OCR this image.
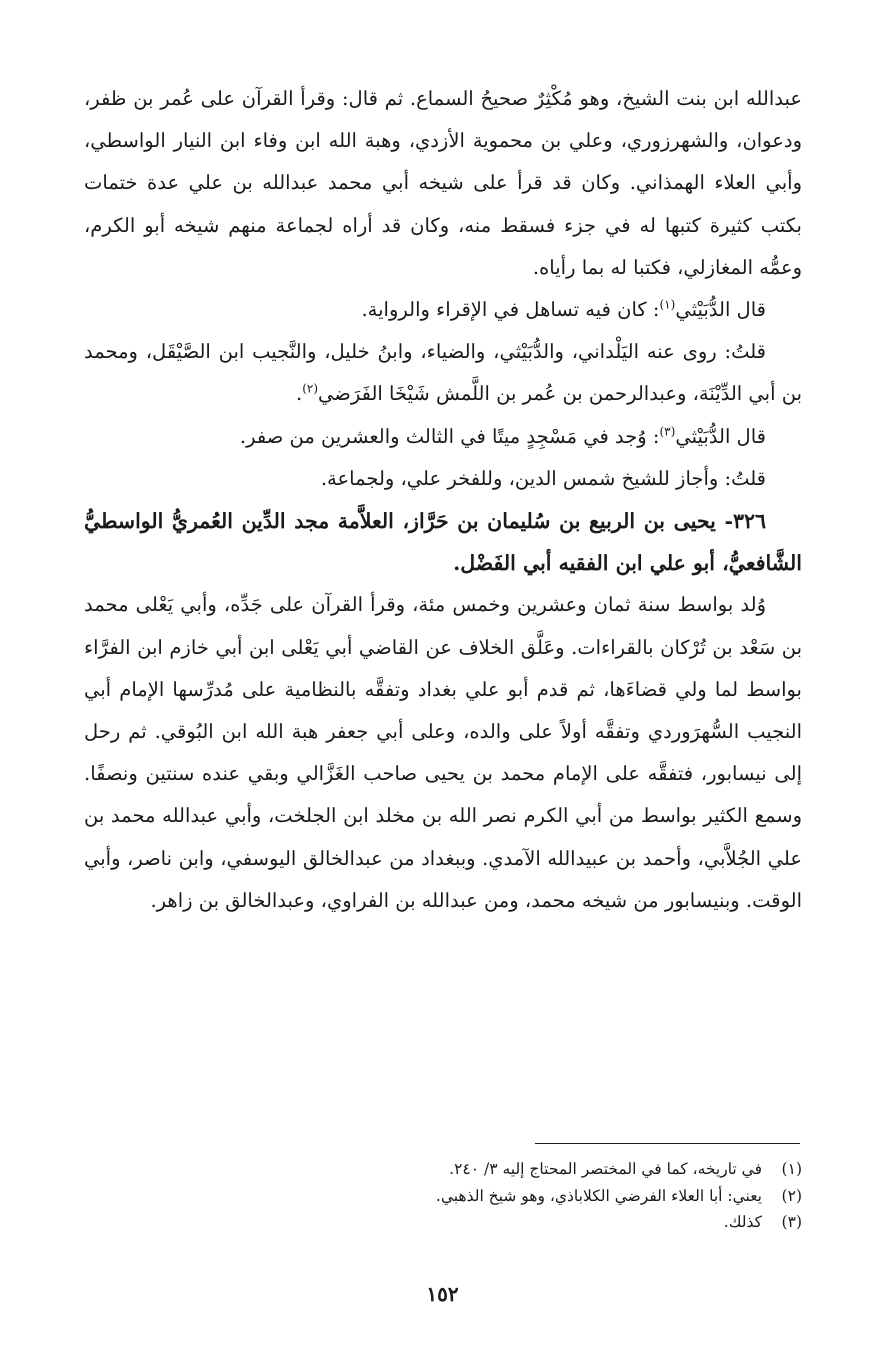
عبدالله ابن بنت الشيخ، وهو مُكْثِرٌ صحيحُ السماع. ثم قال: وقرأ القرآن على عُمر بن ظفر، ودعوان، والشهرزوري، وعلي بن محموية الأزدي، وهبة الله ابن وفاء ابن النيار الواسطي، وأبي العلاء الهمذاني. وكان قد قرأ على شيخه أبي محمد عبدالله بن علي عدة ختمات بكتب كثيرة كتبها له في جزء فسقط منه، وكان قد أراه لجماعة منهم شيخه أبو الكرم، وعمُّه المغازلي، فكتبا له بما رأياه.

قال الدُّبَيْثي$^{(١)}$: كان فيه تساهل في الإقراء والرواية.

قلتُ: روى عنه اليَلْداني، والدُّبَيْثي، والضياء، وابنُ خليل، والنَّجيب ابن الصَّيْقَل، ومحمد بن أبي الدِّيْنَة، وعبدالرحمن بن عُمر بن اللَّمش شَيْخَا الفَرَضي$^{(٢)}$.

قال الدُّبَيْثي$^{(٣)}$: وُجد في مَسْجِدٍ ميتًا في الثالث والعشرين من صفر.

قلتُ: وأجاز للشيخ شمس الدين، وللفخر علي، ولجماعة.

٣٢٦- يحيى بن الربيع بن سُليمان بن حَرَّاز، العلاَّمة مجد الدِّين العُمريُّ الواسطيُّ الشَّافعيُّ، أبو علي ابن الفقيه أبي الفَضْل.

وُلد بواسط سنة ثمان وعشرين وخمس مئة، وقرأ القرآن على جَدِّه، وأبي يَعْلى محمد بن سَعْد بن تُرْكان بالقراءات. وعَلَّق الخلاف عن القاضي أبي يَعْلى ابن أبي خازم ابن الفرَّاء بواسط لما ولي قضاءَها، ثم قدم أبو علي بغداد وتفقَّه بالنظامية على مُدرِّسها الإمام أبي النجيب السُّهرَوردي وتفقَّه أولاً على والده، وعلى أبي جعفر هبة الله ابن البُوقي. ثم رحل إلى نيسابور، فتفقَّه على الإمام محمد بن يحيى صاحب الغَزَّالي وبقي عنده سنتين ونصفًا. وسمع الكثير بواسط من أبي الكرم نصر الله بن مخلد ابن الجلخت، وأبي عبدالله محمد بن علي الجُلاَّبي، وأحمد بن عبيدالله الآمدي. وببغداد من عبدالخالق اليوسفي، وابن ناصر، وأبي الوقت. وبنيسابور من شيخه محمد، ومن عبدالله بن الفراوي، وعبدالخالق بن زاهر.

(١)
في تاريخه، كما في المختصر المحتاج إليه ٣/ ٢٤٠.
(٢)
يعني: أبا العلاء الفرضي الكلاباذي، وهو شيخ الذهبي.
(٣)
كذلك.
١٥٢
